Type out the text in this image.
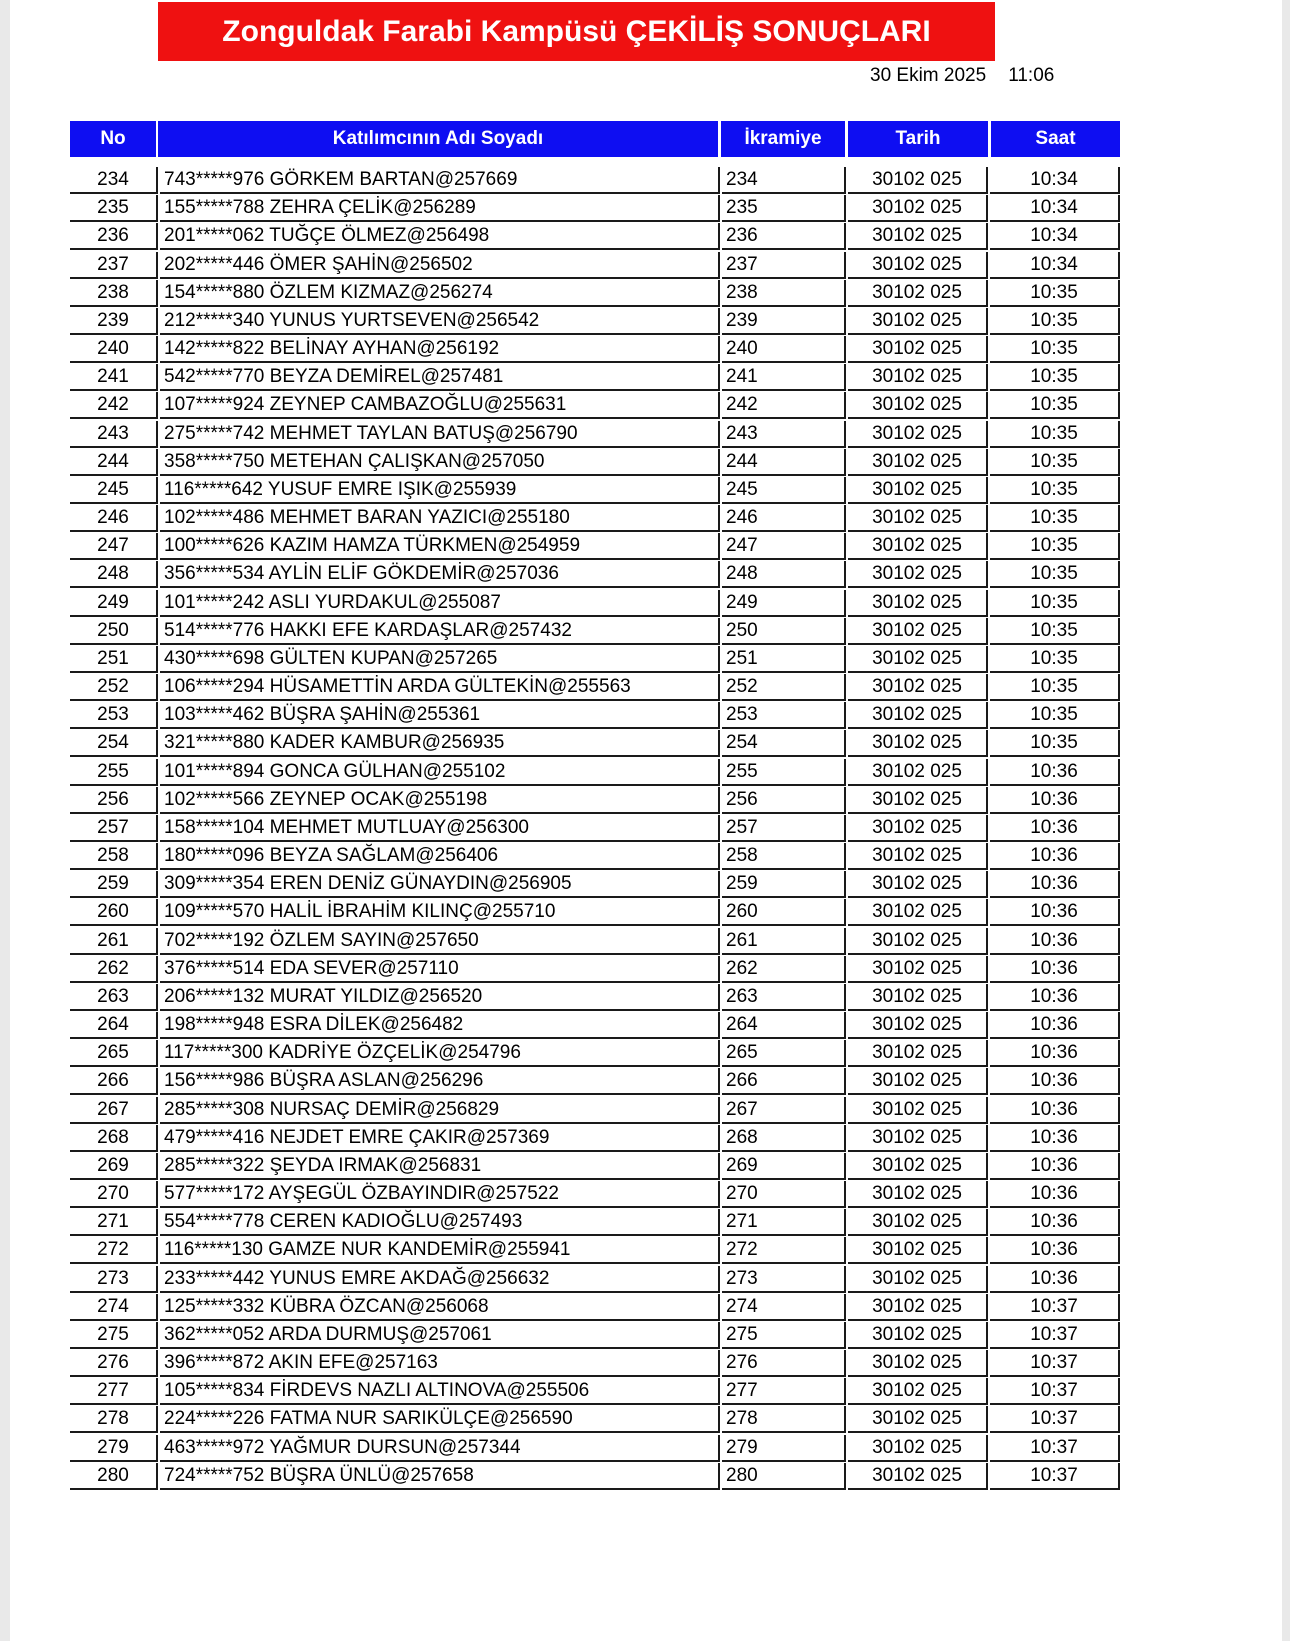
Zonguldak Farabi Kampüsü ÇEKİLİŞ SONUÇLARI
30 Ekim 2025 11:06
No	Katılımcının Adı Soyadı	İkramiye	Tarih	Saat
234	743*****976 GÖRKEM BARTAN@257669	234	30102 025	10:34
235	155*****788 ZEHRA ÇELİK@256289	235	30102 025	10:34
236	201*****062 TUĞÇE ÖLMEZ@256498	236	30102 025	10:34
237	202*****446 ÖMER ŞAHİN@256502	237	30102 025	10:34
238	154*****880 ÖZLEM KIZMAZ@256274	238	30102 025	10:35
239	212*****340 YUNUS YURTSEVEN@256542	239	30102 025	10:35
240	142*****822 BELİNAY AYHAN@256192	240	30102 025	10:35
241	542*****770 BEYZA DEMİREL@257481	241	30102 025	10:35
242	107*****924 ZEYNEP CAMBAZOĞLU@255631	242	30102 025	10:35
243	275*****742 MEHMET TAYLAN BATUŞ@256790	243	30102 025	10:35
244	358*****750 METEHAN ÇALIŞKAN@257050	244	30102 025	10:35
245	116*****642 YUSUF EMRE IŞIK@255939	245	30102 025	10:35
246	102*****486 MEHMET BARAN YAZICI@255180	246	30102 025	10:35
247	100*****626 KAZIM HAMZA TÜRKMEN@254959	247	30102 025	10:35
248	356*****534 AYLİN ELİF GÖKDEMİR@257036	248	30102 025	10:35
249	101*****242 ASLI YURDAKUL@255087	249	30102 025	10:35
250	514*****776 HAKKI EFE KARDAŞLAR@257432	250	30102 025	10:35
251	430*****698 GÜLTEN KUPAN@257265	251	30102 025	10:35
252	106*****294 HÜSAMETTİN ARDA GÜLTEKİN@255563	252	30102 025	10:35
253	103*****462 BÜŞRA ŞAHİN@255361	253	30102 025	10:35
254	321*****880 KADER KAMBUR@256935	254	30102 025	10:35
255	101*****894 GONCA GÜLHAN@255102	255	30102 025	10:36
256	102*****566 ZEYNEP OCAK@255198	256	30102 025	10:36
257	158*****104 MEHMET MUTLUAY@256300	257	30102 025	10:36
258	180*****096 BEYZA SAĞLAM@256406	258	30102 025	10:36
259	309*****354 EREN DENİZ GÜNAYDIN@256905	259	30102 025	10:36
260	109*****570 HALİL İBRAHİM KILINÇ@255710	260	30102 025	10:36
261	702*****192 ÖZLEM SAYIN@257650	261	30102 025	10:36
262	376*****514 EDA SEVER@257110	262	30102 025	10:36
263	206*****132 MURAT YILDIZ@256520	263	30102 025	10:36
264	198*****948 ESRA DİLEK@256482	264	30102 025	10:36
265	117*****300 KADRİYE ÖZÇELİK@254796	265	30102 025	10:36
266	156*****986 BÜŞRA ASLAN@256296	266	30102 025	10:36
267	285*****308 NURSAÇ DEMİR@256829	267	30102 025	10:36
268	479*****416 NEJDET EMRE ÇAKIR@257369	268	30102 025	10:36
269	285*****322 ŞEYDA IRMAK@256831	269	30102 025	10:36
270	577*****172 AYŞEGÜL ÖZBAYINDIR@257522	270	30102 025	10:36
271	554*****778 CEREN KADIOĞLU@257493	271	30102 025	10:36
272	116*****130 GAMZE NUR KANDEMİR@255941	272	30102 025	10:36
273	233*****442 YUNUS EMRE AKDAĞ@256632	273	30102 025	10:36
274	125*****332 KÜBRA ÖZCAN@256068	274	30102 025	10:37
275	362*****052 ARDA DURMUŞ@257061	275	30102 025	10:37
276	396*****872 AKIN EFE@257163	276	30102 025	10:37
277	105*****834 FİRDEVS NAZLI ALTINOVA@255506	277	30102 025	10:37
278	224*****226 FATMA NUR SARIKÜLÇE@256590	278	30102 025	10:37
279	463*****972 YAĞMUR DURSUN@257344	279	30102 025	10:37
280	724*****752 BÜŞRA ÜNLÜ@257658	280	30102 025	10:37
